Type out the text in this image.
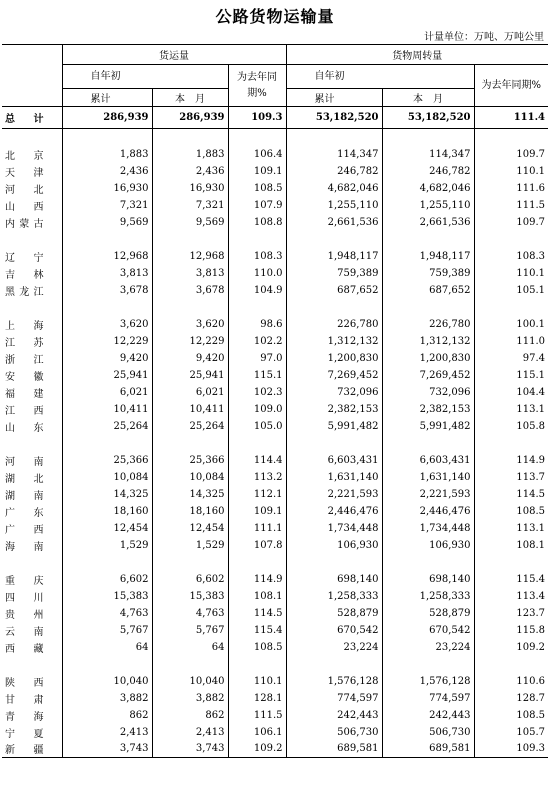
公路货物运输量
计量单位：万吨、万吨公里
	货运量			货物周转量		
	自年初		为去年同期%	自年初		为去年同期%
	累计	本　月		累计	本　月	
总　计	286,939	286,939	109.3	53,182,520	53,182,520	111.4

北京	1,883	1,883	106.4	114,347	114,347	109.7
天津	2,436	2,436	109.1	246,782	246,782	110.1
河北	16,930	16,930	108.5	4,682,046	4,682,046	111.6
山西	7,321	7,321	107.9	1,255,110	1,255,110	111.5
内蒙古	9,569	9,569	108.8	2,661,536	2,661,536	109.7

辽宁	12,968	12,968	108.3	1,948,117	1,948,117	108.3
吉林	3,813	3,813	110.0	759,389	759,389	110.1
黑龙江	3,678	3,678	104.9	687,652	687,652	105.1

上海	3,620	3,620	98.6	226,780	226,780	100.1
江苏	12,229	12,229	102.2	1,312,132	1,312,132	111.0
浙江	9,420	9,420	97.0	1,200,830	1,200,830	97.4
安徽	25,941	25,941	115.1	7,269,452	7,269,452	115.1
福建	6,021	6,021	102.3	732,096	732,096	104.4
江西	10,411	10,411	109.0	2,382,153	2,382,153	113.1
山东	25,264	25,264	105.0	5,991,482	5,991,482	105.8

河南	25,366	25,366	114.4	6,603,431	6,603,431	114.9
湖北	10,084	10,084	113.2	1,631,140	1,631,140	113.7
湖南	14,325	14,325	112.1	2,221,593	2,221,593	114.5
广东	18,160	18,160	109.1	2,446,476	2,446,476	108.5
广西	12,454	12,454	111.1	1,734,448	1,734,448	113.1
海南	1,529	1,529	107.8	106,930	106,930	108.1

重庆	6,602	6,602	114.9	698,140	698,140	115.4
四川	15,383	15,383	108.1	1,258,333	1,258,333	113.4
贵州	4,763	4,763	114.5	528,879	528,879	123.7
云南	5,767	5,767	115.4	670,542	670,542	115.8
西藏	64	64	108.5	23,224	23,224	109.2

陕西	10,040	10,040	110.1	1,576,128	1,576,128	110.6
甘肃	3,882	3,882	128.1	774,597	774,597	128.7
青海	862	862	111.5	242,443	242,443	108.5
宁夏	2,413	2,413	106.1	506,730	506,730	105.7
新疆	3,743	3,743	109.2	689,581	689,581	109.3
